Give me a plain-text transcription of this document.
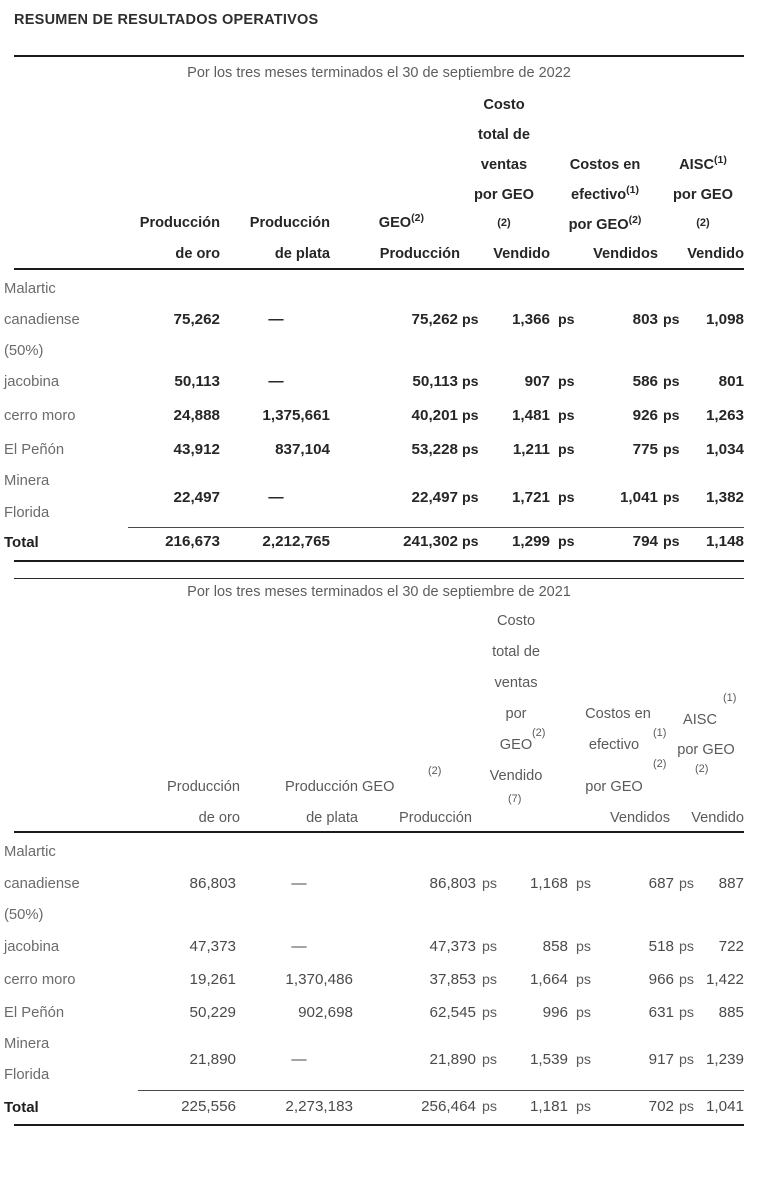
RESUMEN DE RESULTADOS OPERATIVOS
Por los tres meses terminados el 30 de septiembre de 2022
Producción
de oro
Producción
de plata
GEO$^{(2)}$
Producción
Costo
total de
ventas
por GEO
(2)
Vendido
Costos en
efectivo$^{(1)}$
por GEO$^{(2)}$
Vendidos
AISC$^{(1)}$
por GEO
(2)
Vendido
Malartic
canadiense
(50%)
75,262	—	75,262 ps	1,366 ps	803 ps	1,098
jacobina	50,113	—	50,113 ps	907 ps	586 ps	801
cerro moro	24,888	1,375,661	40,201 ps	1,481 ps	926 ps	1,263
El Peñón	43,912	837,104	53,228 ps	1,211 ps	775 ps	1,034
Minera
Florida
22,497	—	22,497 ps	1,721 ps	1,041 ps	1,382
Total	216,673	2,212,765	241,302 ps	1,299 ps	794 ps	1,148
Por los tres meses terminados el 30 de septiembre de 2021
Producción
de oro
Producción
de plata
GEO
(2)
Producción
Costo
total de
ventas
por
(2)
GEO
Vendido
(7)
Costos en
(1)
efectivo
(2)
por GEO
Vendidos
AISC
(1)
por GEO
(2)
Vendido
Malartic
canadiense
(50%)
86,803	—	86,803 ps	1,168 ps	687 ps	887
jacobina	47,373	—	47,373 ps	858 ps	518 ps	722
cerro moro	19,261	1,370,486	37,853 ps	1,664 ps	966 ps 1,422
El Peñón	50,229	902,698	62,545 ps	996 ps	631 ps	885
Minera
Florida
21,890	—	21,890 ps	1,539 ps	917 ps 1,239
Total	225,556	2,273,183	256,464 ps	1,181 ps	702 ps 1,041
